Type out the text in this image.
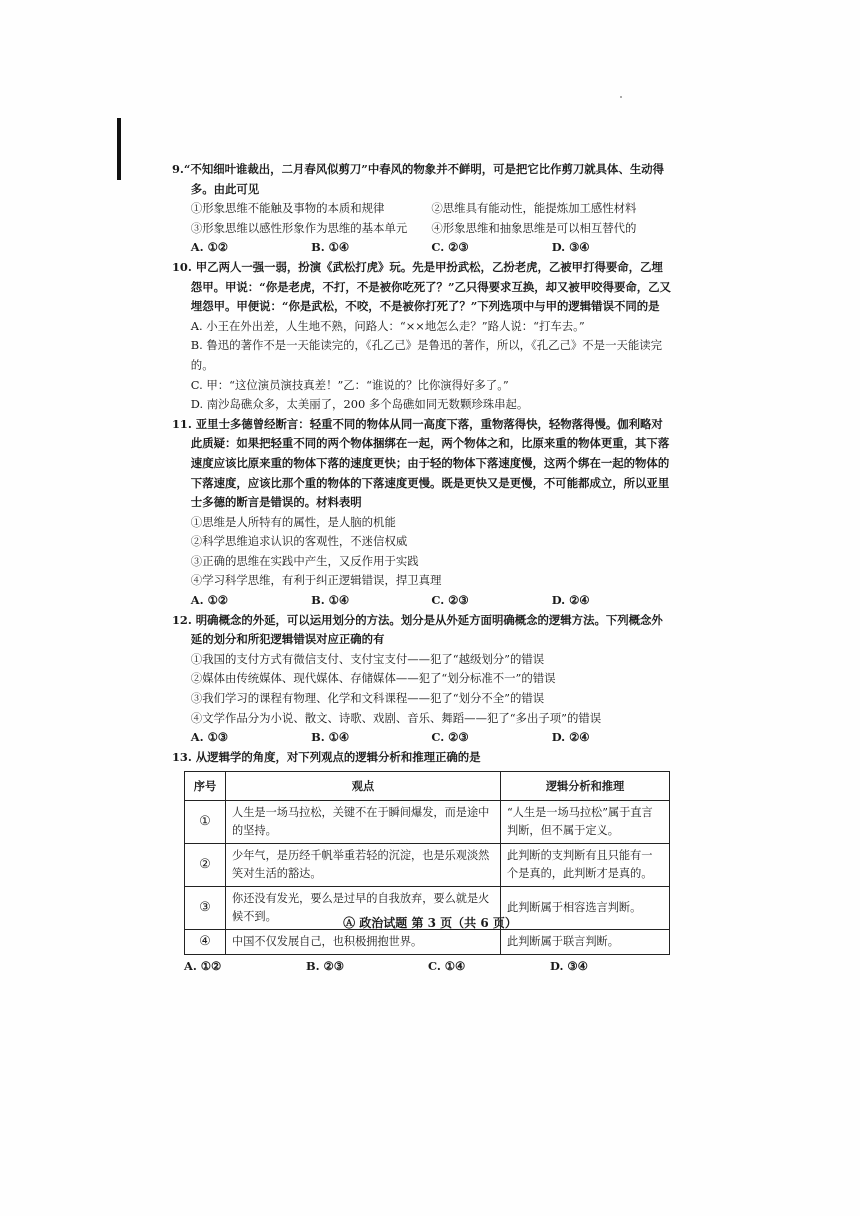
9.“不知细叶谁裁出，二月春风似剪刀”中春风的物象并不鲜明，可是把它比作剪刀就具体、生动得多。由此可见

①形象思维不能触及事物的本质和规律	②思维具有能动性，能提炼加工感性材料
③形象思维以感性形象作为思维的基本单元	④形象思维和抽象思维是可以相互替代的
A. ①②	B. ①④	C. ②③	D. ③④

10. 甲乙两人一强一弱，扮演《武松打虎》玩。先是甲扮武松，乙扮老虎，乙被甲打得要命，乙埋怨甲。甲说：“你是老虎，不打，不是被你吃死了？”乙只得要求互换，却又被甲咬得要命，乙又埋怨甲。甲便说：“你是武松，不咬，不是被你打死了？”下列选项中与甲的逻辑错误不同的是

A. 小王在外出差，人生地不熟，问路人：“××地怎么走？”路人说：“打车去。”

B. 鲁迅的著作不是一天能读完的，《孔乙己》是鲁迅的著作，所以，《孔乙己》不是一天能读完的。

C. 甲：“这位演员演技真差！”乙：“谁说的？比你演得好多了。”

D. 南沙岛礁众多，太美丽了，200 多个岛礁如同无数颗珍珠串起。

11. 亚里士多德曾经断言：轻重不同的物体从同一高度下落，重物落得快，轻物落得慢。伽利略对此质疑：如果把轻重不同的两个物体捆绑在一起，两个物体之和，比原来重的物体更重，其下落速度应该比原来重的物体下落的速度更快；由于轻的物体下落速度慢，这两个绑在一起的物体的下落速度，应该比那个重的物体的下落速度更慢。既是更快又是更慢，不可能都成立，所以亚里士多德的断言是错误的。材料表明

①思维是人所特有的属性，是人脑的机能

②科学思维追求认识的客观性，不迷信权威

③正确的思维在实践中产生，又反作用于实践

④学习科学思维，有利于纠正逻辑错误，捍卫真理

A. ①②	B. ①④	C. ②③	D. ②④

12. 明确概念的外延，可以运用划分的方法。划分是从外延方面明确概念的逻辑方法。下列概念外延的划分和所犯逻辑错误对应正确的有

①我国的支付方式有微信支付、支付宝支付——犯了“越级划分”的错误

②媒体由传统媒体、现代媒体、存储媒体——犯了“划分标准不一”的错误

③我们学习的课程有物理、化学和文科课程——犯了“划分不全”的错误

④文学作品分为小说、散文、诗歌、戏剧、音乐、舞蹈——犯了“多出子项”的错误

A. ①③	B. ①④	C. ②③	D. ②④

13. 从逻辑学的角度，对下列观点的逻辑分析和推理正确的是

序号	观点	逻辑分析和推理
①	人生是一场马拉松，关键不在于瞬间爆发，而是途中的坚持。	“人生是一场马拉松”属于直言判断，但不属于定义。
②	少年气，是历经千帆举重若轻的沉淀，也是乐观淡然笑对生活的豁达。	此判断的支判断有且只能有一个是真的，此判断才是真的。
③	你还没有发光，要么是过早的自我放弃，要么就是火候不到。	此判断属于相容选言判断。
④	中国不仅发展自己，也积极拥抱世界。	此判断属于联言判断。
A. ①②	B. ②③	C. ①④	D. ③④
Ⓐ 政治试题 第 3 页（共 6 页）
